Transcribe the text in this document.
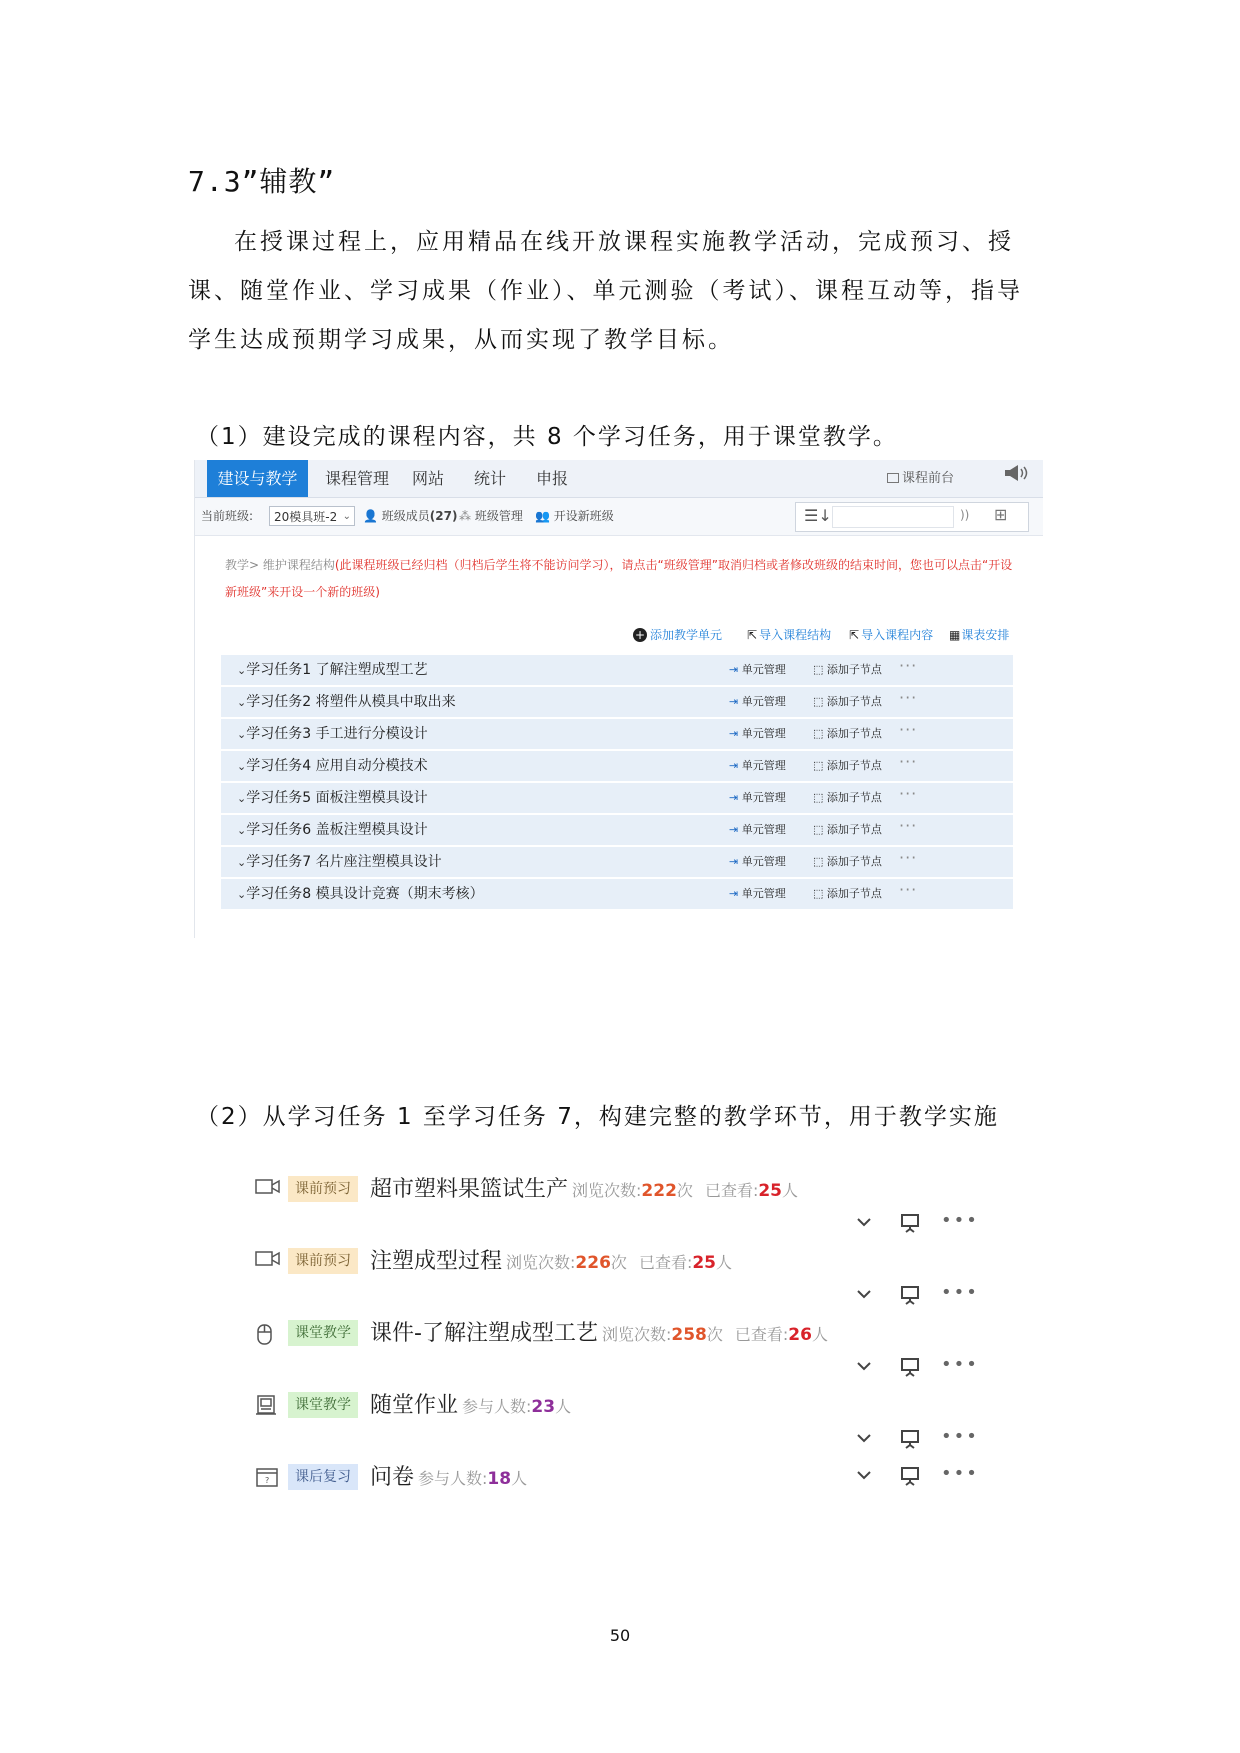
7.3”辅教”
在授课过程上，应用精品在线开放课程实施教学活动，完成预习、授课、随堂作业、学习成果（作业）、单元测验（考试）、课程互动等，指导学生达成预期学习成果，从而实现了教学目标。
（1）建设完成的课程内容，共 8 个学习任务，用于课堂教学。
建设与教学	课程管理	网站	统计	申报	课程前台
当前班级:	20模具班-2 ⌄ 👤 班级成员(27) ⁂ 班级管理 👥 开设新班级	☰↓	)) ⊞
教学> 维护课程结构(此课程班级已经归档（归档后学生将不能访问学习），请点击“班级管理”取消归档或者修改班级的结束时间，您也可以点击“开设新班级”来开设一个新的班级)
+ 添加教学单元 ⇱ 导入课程结构 ⇱ 导入课程内容 ▦课表安排
⌄学习任务1 了解注塑成型工艺	⇥ 单元管理 ⬚ 添加子节点 ···
⌄学习任务2 将塑件从模具中取出来	⇥ 单元管理 ⬚ 添加子节点 ···
⌄学习任务3 手工进行分模设计	⇥ 单元管理 ⬚ 添加子节点 ···
⌄学习任务4 应用自动分模技术	⇥ 单元管理 ⬚ 添加子节点 ···
⌄学习任务5 面板注塑模具设计	⇥ 单元管理 ⬚ 添加子节点 ···
⌄学习任务6 盖板注塑模具设计	⇥ 单元管理 ⬚ 添加子节点 ···
⌄学习任务7 名片座注塑模具设计	⇥ 单元管理 ⬚ 添加子节点 ···
⌄学习任务8 模具设计竞赛（期末考核）	⇥ 单元管理 ⬚ 添加子节点 ···
（2）从学习任务 1 至学习任务 7，构建完整的教学环节，用于教学实施
课前预习 超市塑料果篮试生产 浏览次数:222次 已查看:25人
•••
课前预习 注塑成型过程 浏览次数:226次 已查看:25人
•••
课堂教学 课件-了解注塑成型工艺 浏览次数:258次 已查看:26人
•••
课堂教学 随堂作业 参与人数:23人
•••
?	课后复习 问卷 参与人数:18人	•••
50
